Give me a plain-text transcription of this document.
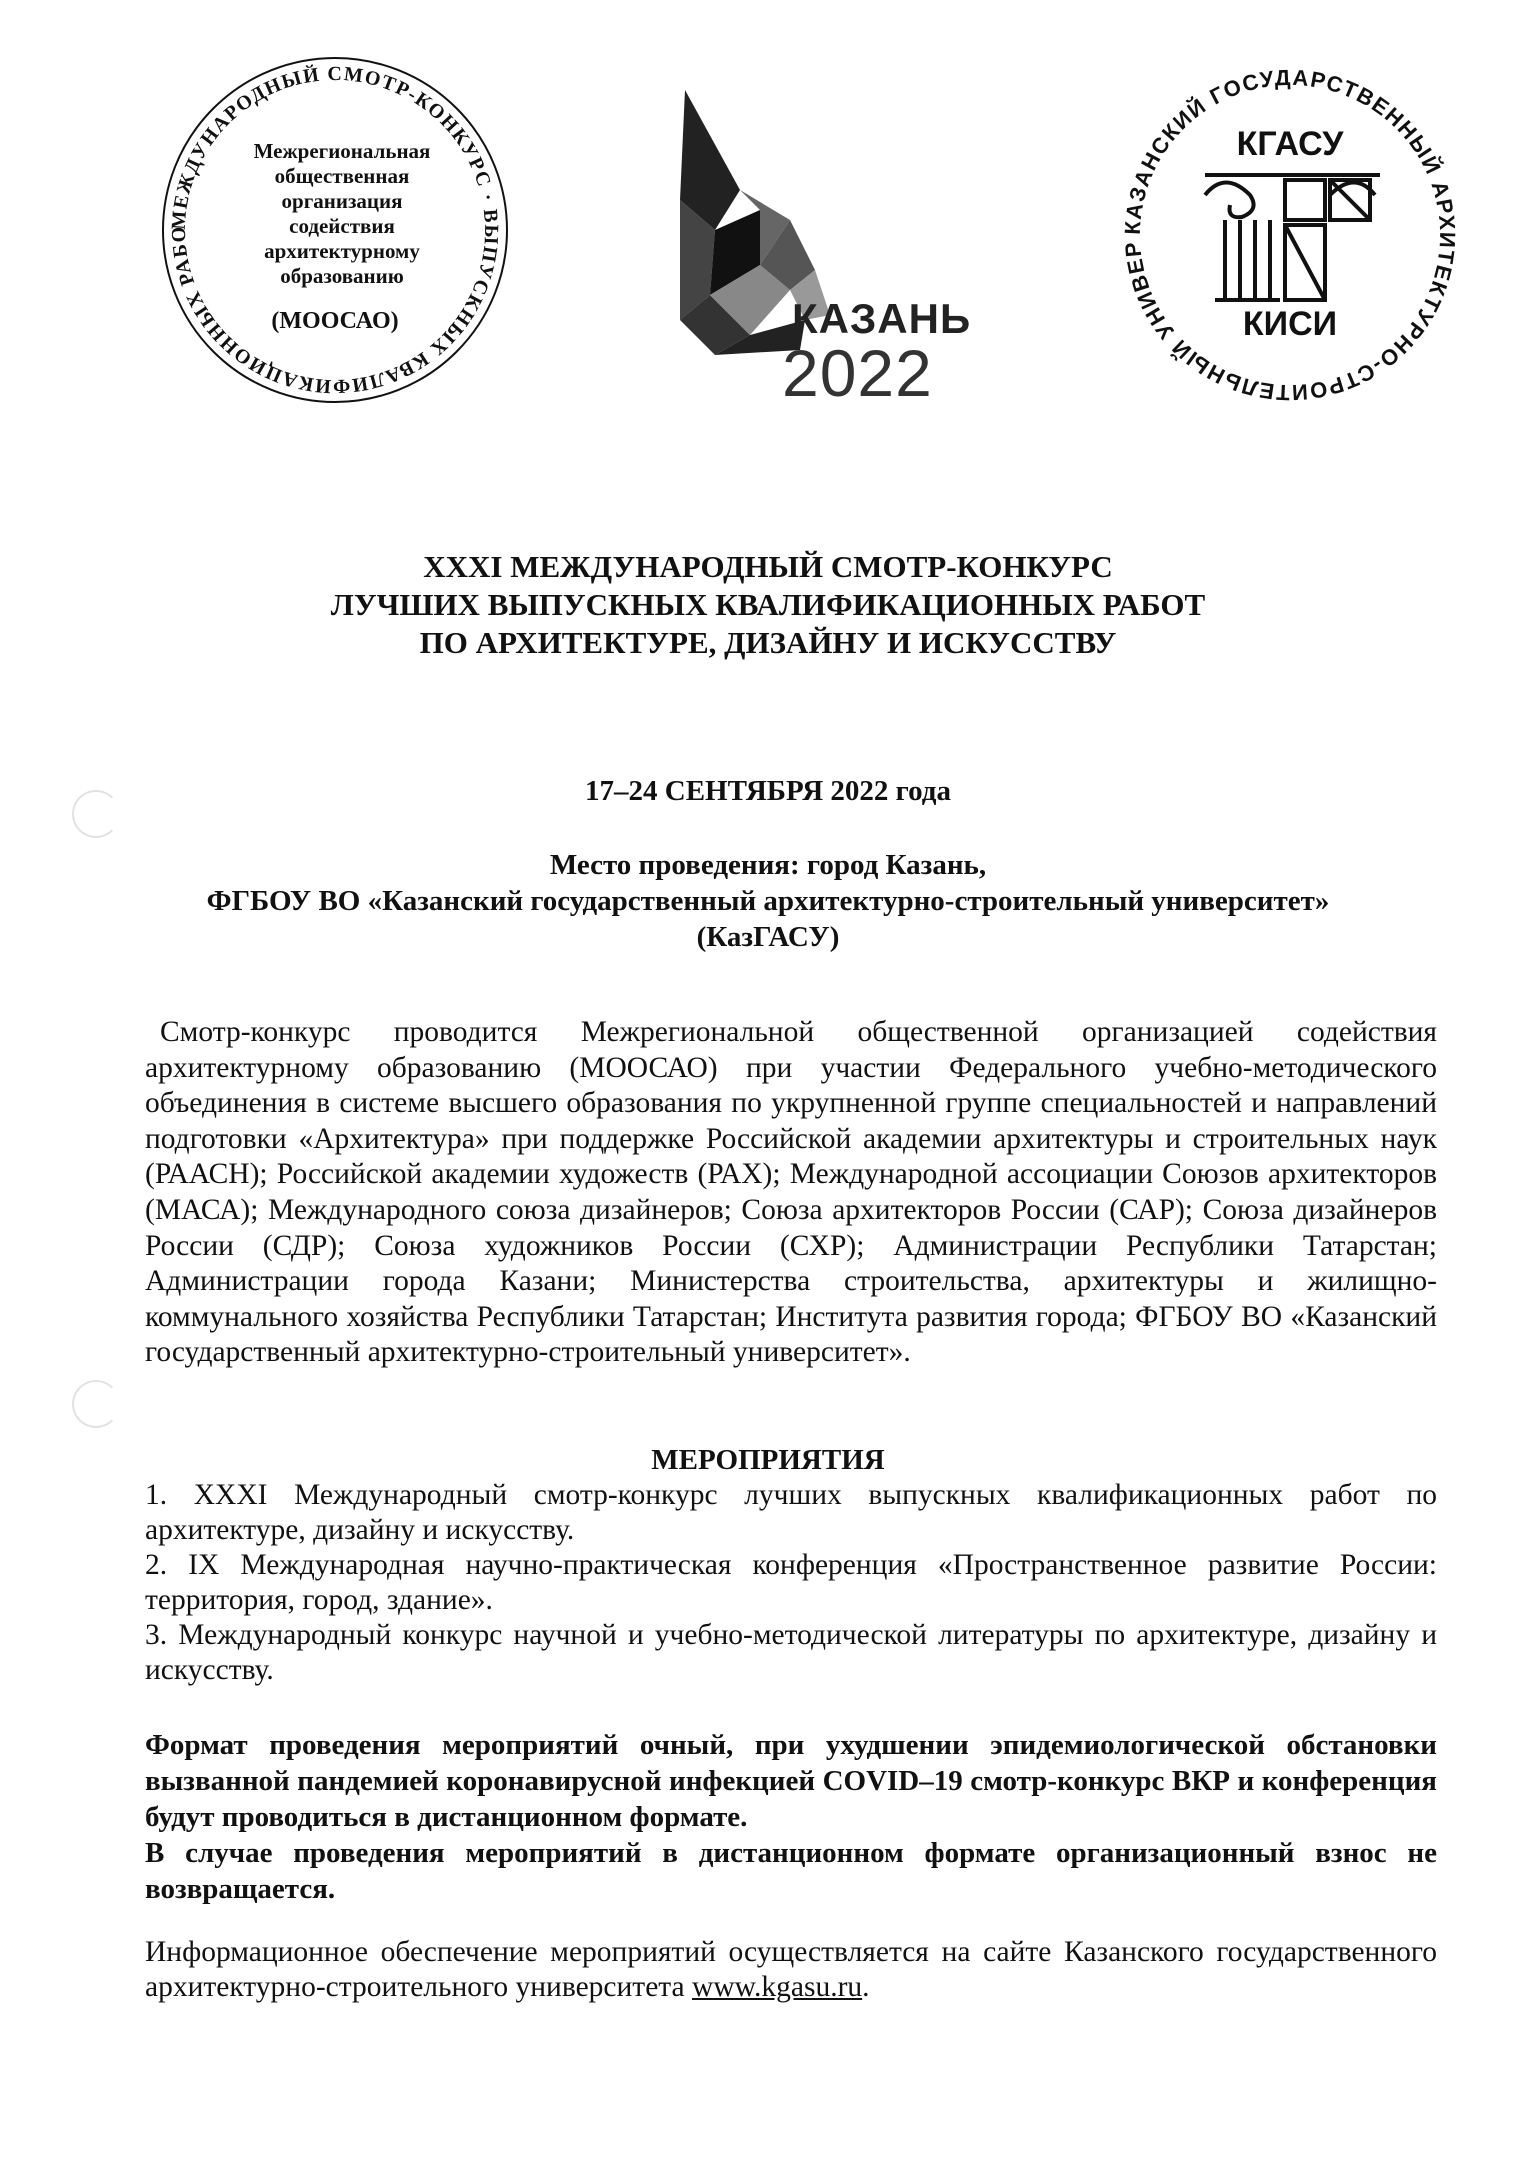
МЕЖДУНАРОДНЫЙ СМОТР-КОНКУРС · ВЫПУСКНЫХ КВАЛИФИКАЦИОННЫХ РАБО
Межрегиональная
общественная
организация
содействия
архитектурному
образованию
(МООСАО)	КАЗАНЬ
2022
КАЗАНСКИЙ ГОСУДАРСТВЕННЫЙ АРХИТЕКТУРНО-СТРОИТЕЛЬНЫЙ УНИВЕР
КГАСУ
КИСИ
XXXI МЕЖДУНАРОДНЫЙ СМОТР-КОНКУРС
ЛУЧШИХ ВЫПУСКНЫХ КВАЛИФИКАЦИОННЫХ РАБОТ
ПО АРХИТЕКТУРЕ, ДИЗАЙНУ И ИСКУССТВУ
17–24 СЕНТЯБРЯ 2022 года
Место проведения: город Казань,
ФГБОУ ВО «Казанский государственный архитектурно-строительный университет»
(КазГАСУ)
Смотр-конкурс проводится Межрегиональной общественной организацией содействия архитектурному образованию (МООСАО) при участии Федерального учебно-методического объединения в системе высшего образования по укрупненной группе специальностей и направлений подготовки «Архитектура» при поддержке Российской академии архитектуры и строительных наук (РААСН); Российской академии художеств (РАХ); Международной ассоциации Союзов архитекторов (МАСА); Международного союза дизайнеров; Союза архитекторов России (САР); Союза дизайнеров России (СДР); Союза художников России (СХР); Администрации Республики Татарстан; Администрации города Казани; Министерства строительства, архитектуры и жилищно-коммунального хозяйства Республики Татарстан; Института развития города; ФГБОУ ВО «Казанский государственный архитектурно-строительный университет».
МЕРОПРИЯТИЯ
1. XXXI Международный смотр-конкурс лучших выпускных квалификационных работ по архитектуре, дизайну и искусству.
2. IX Международная научно-практическая конференция «Пространственное развитие России: территория, город, здание».
3. Международный конкурс научной и учебно-методической литературы по архитектуре, дизайну и искусству.
Формат проведения мероприятий очный, при ухудшении эпидемиологической обстановки вызванной пандемией коронавирусной инфекцией COVID–19 смотр-конкурс ВКР и конференция будут проводиться в дистанционном формате.
В случае проведения мероприятий в дистанционном формате организационный взнос не возвращается.
Информационное обеспечение мероприятий осуществляется на сайте Казанского государственного архитектурно-строительного университета www.kgasu.ru.
